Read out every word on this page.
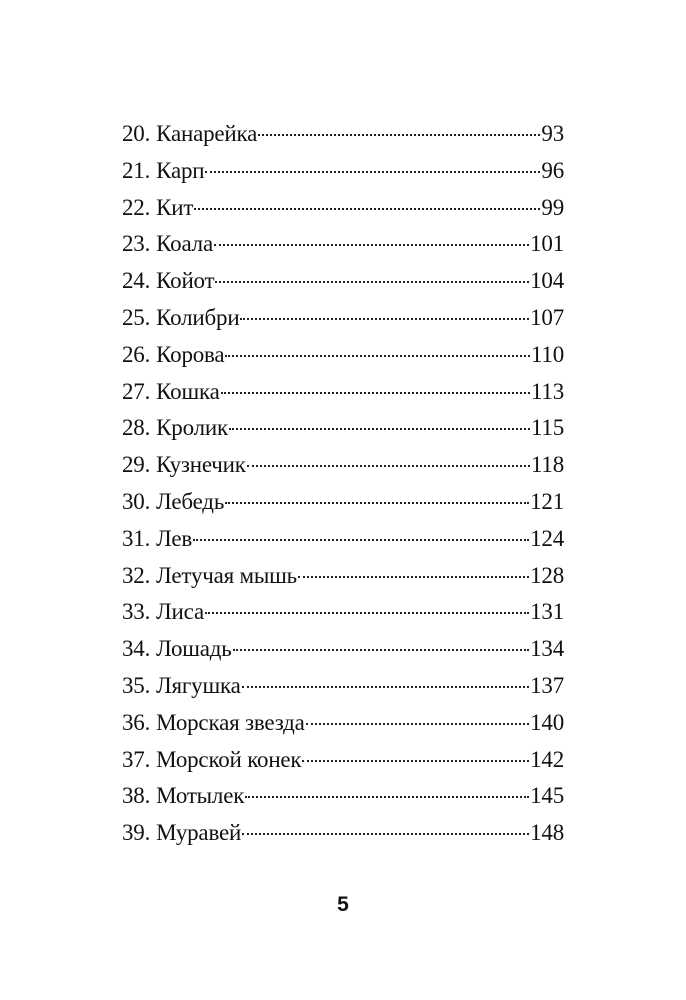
20. Канарейка	93
21. Карп	96
22. Кит	99
23. Коала	101
24. Койот	104
25. Колибри	107
26. Корова	110
27. Кошка	113
28. Кролик	115
29. Кузнечик	118
30. Лебедь	121
31. Лев	124
32. Летучая мышь	128
33. Лиса	131
34. Лошадь	134
35. Лягушка	137
36. Морская звезда	140
37. Морской конек	142
38. Мотылек	145
39. Муравей	148
5
